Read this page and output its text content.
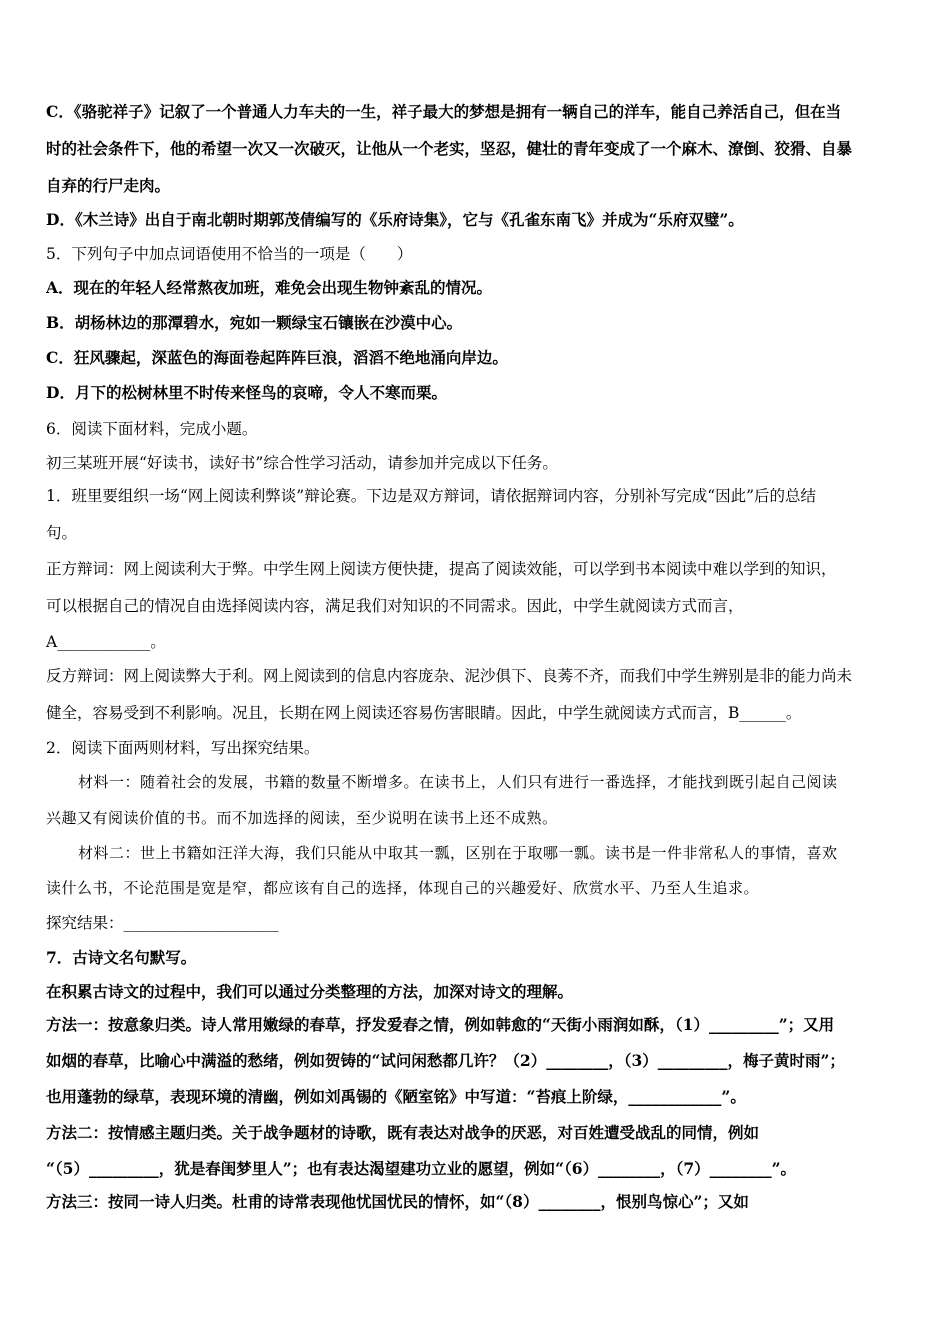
C．《骆驼祥子》记叙了一个普通人力车夫的一生，祥子最大的梦想是拥有一辆自己的洋车，能自己养活自己，但在当
时的社会条件下，他的希望一次又一次破灭，让他从一个老实，坚忍，健壮的青年变成了一个麻木、潦倒、狡猾、自暴
自弃的行尸走肉。
D．《木兰诗》出自于南北朝时期郭茂倩编写的《乐府诗集》，它与《孔雀东南飞》并成为“乐府双璧”。
5．下列句子中加点词语使用不恰当的一项是（　　）
A．现在的年轻人经常熬夜加班，难免会出现生物钟紊乱的情况。
B．胡杨林边的那潭碧水，宛如一颗绿宝石镶嵌在沙漠中心。
C．狂风骤起，深蓝色的海面卷起阵阵巨浪，滔滔不绝地涌向岸边。
D．月下的松树林里不时传来怪鸟的哀啼，令人不寒而栗。
6．阅读下面材料，完成小题。
初三某班开展“好读书，读好书”综合性学习活动，请参加并完成以下任务。
1．班里要组织一场“网上阅读利弊谈”辩论赛。下边是双方辩词，请依据辩词内容，分别补写完成“因此”后的总结
句。
正方辩词：网上阅读利大于弊。中学生网上阅读方便快捷，提高了阅读效能，可以学到书本阅读中难以学到的知识，
可以根据自己的情况自由选择阅读内容，满足我们对知识的不同需求。因此，中学生就阅读方式而言，
A____________。
反方辩词：网上阅读弊大于利。网上阅读到的信息内容庞杂、泥沙俱下、良莠不齐，而我们中学生辨别是非的能力尚未
健全，容易受到不利影响。况且，长期在网上阅读还容易伤害眼睛。因此，中学生就阅读方式而言，B______。
2．阅读下面两则材料，写出探究结果。
材料一：随着社会的发展，书籍的数量不断增多。在读书上，人们只有进行一番选择，才能找到既引起自己阅读
兴趣又有阅读价值的书。而不加选择的阅读，至少说明在读书上还不成熟。
材料二：世上书籍如汪洋大海，我们只能从中取其一瓢，区别在于取哪一瓢。读书是一件非常私人的事情，喜欢
读什么书，不论范围是宽是窄，都应该有自己的选择，体现自己的兴趣爱好、欣赏水平、乃至人生追求。
探究结果：____________________
7．古诗文名句默写。
在积累古诗文的过程中，我们可以通过分类整理的方法，加深对诗文的理解。
方法一：按意象归类。诗人常用嫩绿的春草，抒发爱春之情，例如韩愈的“天街小雨润如酥，（1）_________”；又用
如烟的春草，比喻心中满溢的愁绪，例如贺铸的“试问闲愁都几许？（2）________，（3）_________，梅子黄时雨”；
也用蓬勃的绿草，表现环境的清幽，例如刘禹锡的《陋室铭》中写道：“苔痕上阶绿，____________”。
方法二：按情感主题归类。关于战争题材的诗歌，既有表达对战争的厌恶，对百姓遭受战乱的同情，例如
“（5）_________，犹是春闺梦里人”；也有表达渴望建功立业的愿望，例如“（6）________，（7）________”。
方法三：按同一诗人归类。杜甫的诗常表现他忧国忧民的情怀，如“（8）________，恨别鸟惊心”；又如
